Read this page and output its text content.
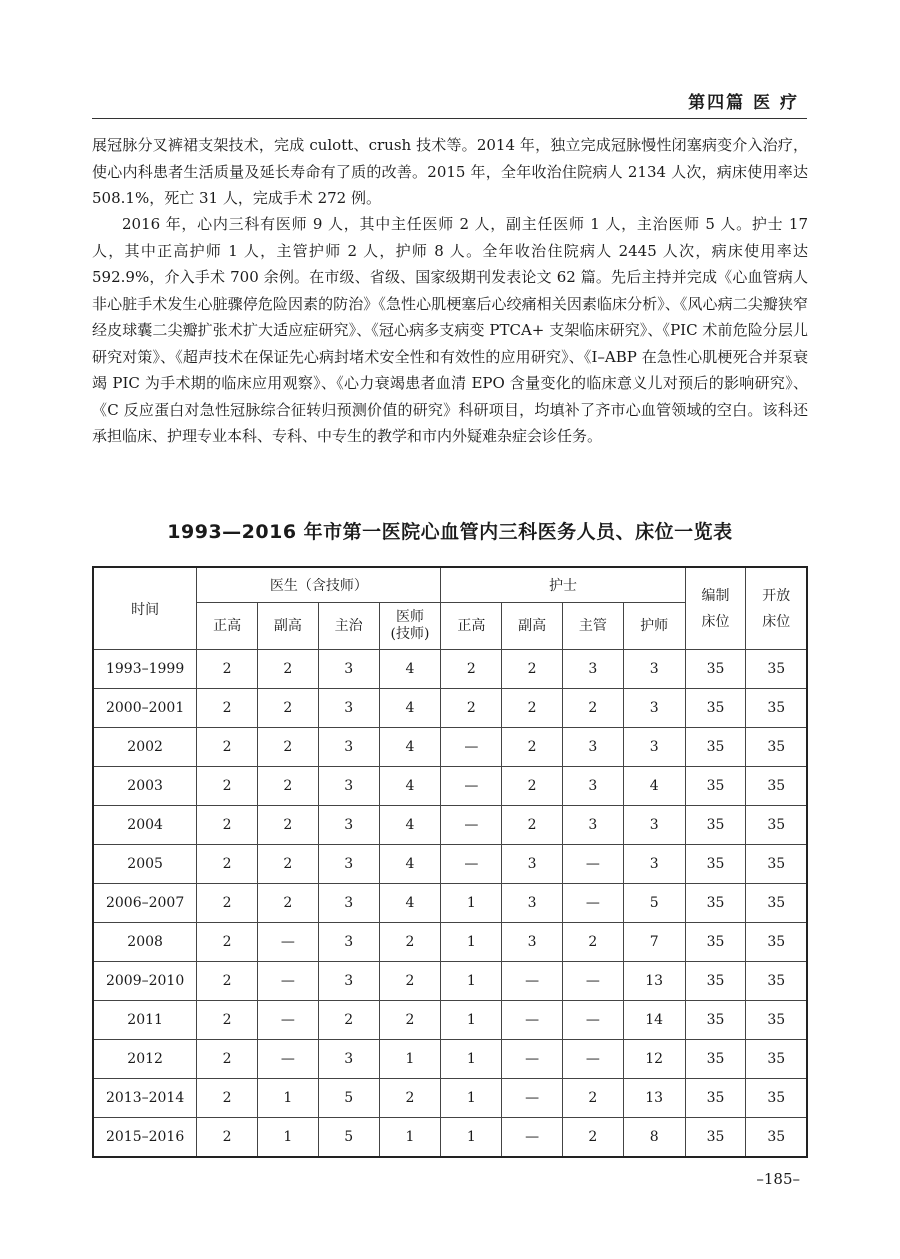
第四篇 医 疗
展冠脉分叉裤裙支架技术，完成 culott、crush 技术等。2014 年，独立完成冠脉慢性闭塞病变介入治疗，使心内科患者生活质量及延长寿命有了质的改善。2015 年，全年收治住院病人 2134 人次，病床使用率达 508.1%，死亡 31 人，完成手术 272 例。
2016 年，心内三科有医师 9 人，其中主任医师 2 人，副主任医师 1 人，主治医师 5 人。护士 17 人，其中正高护师 1 人，主管护师 2 人，护师 8 人。全年收治住院病人 2445 人次，病床使用率达 592.9%，介入手术 700 余例。在市级、省级、国家级期刊发表论文 62 篇。先后主持并完成《心血管病人非心脏手术发生心脏骤停危险因素的防治》《急性心肌梗塞后心绞痛相关因素临床分析》、《风心病二尖瓣狭窄经皮球囊二尖瓣扩张术扩大适应症研究》、《冠心病多支病变 PTCA+ 支架临床研究》、《PIC 术前危险分层儿研究对策》、《超声技术在保证先心病封堵术安全性和有效性的应用研究》、《I–ABP 在急性心肌梗死合并泵衰竭 PIC 为手术期的临床应用观察》、《心力衰竭患者血清 EPO 含量变化的临床意义儿对预后的影响研究》、《C 反应蛋白对急性冠脉综合征转归预测价值的研究》科研项目，均填补了齐市心血管领域的空白。该科还承担临床、护理专业本科、专科、中专生的教学和市内外疑难杂症会诊任务。
1993—2016 年市第一医院心血管内三科医务人员、床位一览表
时间	医生（含技师）				护士				编制床位	开放床位
	正高	副高	主治	医师(技师)	正高	副高	主管	护师		
1993–1999	2	2	3	4	2	2	3	3	35	35
2000–2001	2	2	3	4	2	2	2	3	35	35
2002	2	2	3	4	—	2	3	3	35	35
2003	2	2	3	4	—	2	3	4	35	35
2004	2	2	3	4	—	2	3	3	35	35
2005	2	2	3	4	—	3	—	3	35	35
2006–2007	2	2	3	4	1	3	—	5	35	35
2008	2	—	3	2	1	3	2	7	35	35
2009–2010	2	—	3	2	1	—	—	13	35	35
2011	2	—	2	2	1	—	—	14	35	35
2012	2	—	3	1	1	—	—	12	35	35
2013–2014	2	1	5	2	1	—	2	13	35	35
2015–2016	2	1	5	1	1	—	2	8	35	35
–185–
